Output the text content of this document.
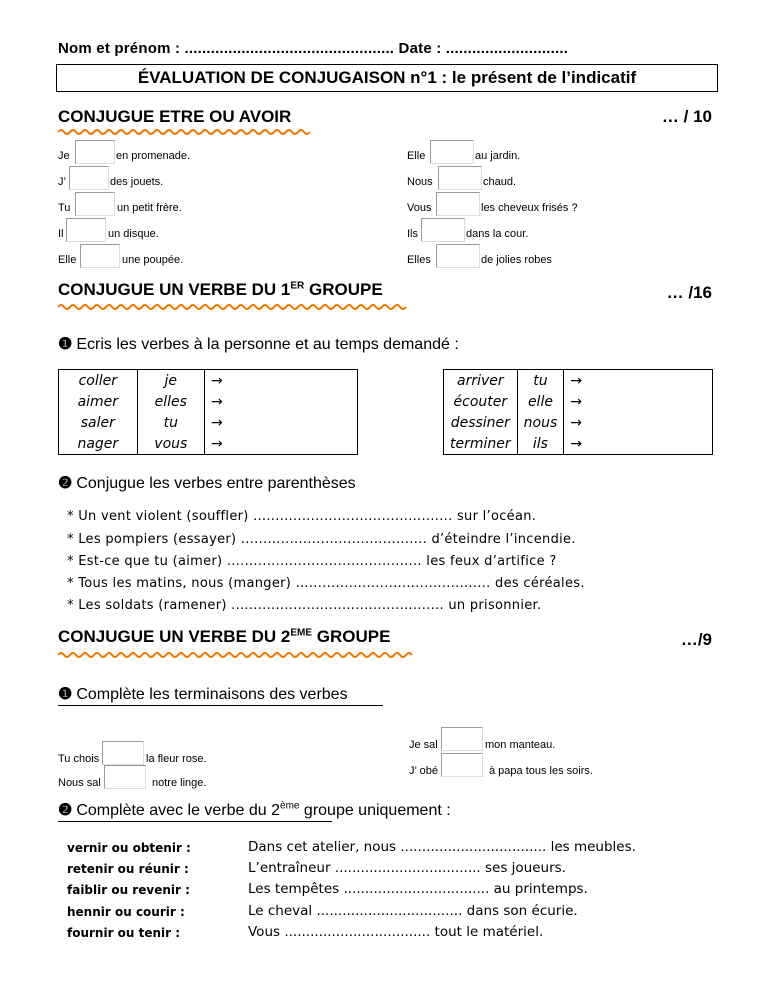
Nom et prénom : ................................................ Date : ............................
ÉVALUATION DE CONJUGAISON n°1 : le présent de l’indicatif
CONJUGUE ETRE OU AVOIR	… / 10
Je	en promenade.
J’	des jouets.
Tu	un petit frère.
Il	un disque.
Elle	une poupée.
Elle	au jardin.
Nous	chaud.
Vous	les cheveux frisés ?
Ils	dans la cour.
Elles	de jolies robes
CONJUGUE UN VERBE DU 1ER GROUPE	… /16
❶ Ecris les verbes à la personne et au temps demandé :
coller	je	→
aimer	elles	→
saler	tu	→
nager	vous	→
arriver	tu	→
écouter	elle	→
dessiner	nous	→
terminer	ils	→
❷ Conjugue les verbes entre parenthèses
* Un vent violent (souffler) ............................................. sur l’océan.
* Les pompiers (essayer) .......................................... d’éteindre l’incendie.
* Est-ce que tu (aimer) ............................................ les feux d’artifice ?
* Tous les matins, nous (manger) ............................................ des céréales.
* Les soldats (ramener) ................................................ un prisonnier.
CONJUGUE UN VERBE DU 2EME GROUPE	…/9
❶ Complète les terminaisons des verbes
Je sal	mon manteau.
Tu chois	la fleur rose.
J’ obé	à papa tous les soirs.
Nous sal	notre linge.
❷ Complète avec le verbe du 2ème groupe uniquement :
vernir ou obtenir :	Dans cet atelier, nous .................................. les meubles.
retenir ou réunir :	L’entraîneur .................................. ses joueurs.
faiblir ou revenir :	Les tempêtes .................................. au printemps.
hennir ou courir :	Le cheval .................................. dans son écurie.
fournir ou tenir :	Vous .................................. tout le matériel.
